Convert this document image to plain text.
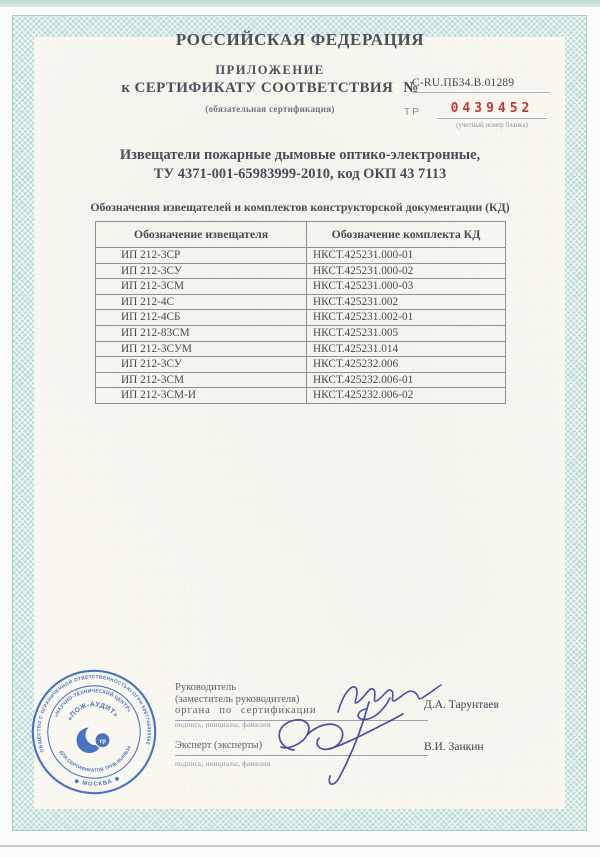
РОССИЙСКАЯ ФЕДЕРАЦИЯ
ПРИЛОЖЕНИЕ
к СЕРТИФИКАТУ СООТВЕТСТВИЯ №
(обязательная сертификация)
C-RU.ПБ34.В.01289
ТР	0439452
(учетный номер бланка)
Извещатели пожарные дымовые оптико-электронные,
ТУ 4371-001-65983999-2010, код ОКП 43 7113
Обозначения извещателей и комплектов конструкторской документации (КД)
Обозначение извещателя	Обозначение комплекта КД
ИП 212-3СР	НКСТ.425231.000-01
ИП 212-3СУ	НКСТ.425231.000-02
ИП 212-3СМ	НКСТ.425231.000-03
ИП 212-4С	НКСТ.425231.002
ИП 212-4СБ	НКСТ.425231.002-01
ИП 212-83СМ	НКСТ.425231.005
ИП 212-3СУМ	НКСТ.425231.014
ИП 212-3СУ	НКСТ.425232.006
ИП 212-3СМ	НКСТ.425232.006-01
ИП 212-3СМ-И	НКСТ.425232.006-02
ОБЩЕСТВО С ОГРАНИЧЕННОЙ ОТВЕТСТВЕННОСТЬЮ ОГРН 5087746009462
◆ МОСКВА ◆
«НАУЧНО-ТЕХНИЧЕСКИЙ ЦЕНТР»
ДЛЯ СЕРТИФИКАТОВ ТРПБ.RU/ПБ34
«ПОЖ-АУДИТ»
тр
Руководитель
(заместитель руководителя)
органа по сертификации
подпись, инициалы, фамилия
Эксперт (эксперты)
подпись, инициалы, фамилия
Д.А. Тарунтаев
В.И. Заикин
